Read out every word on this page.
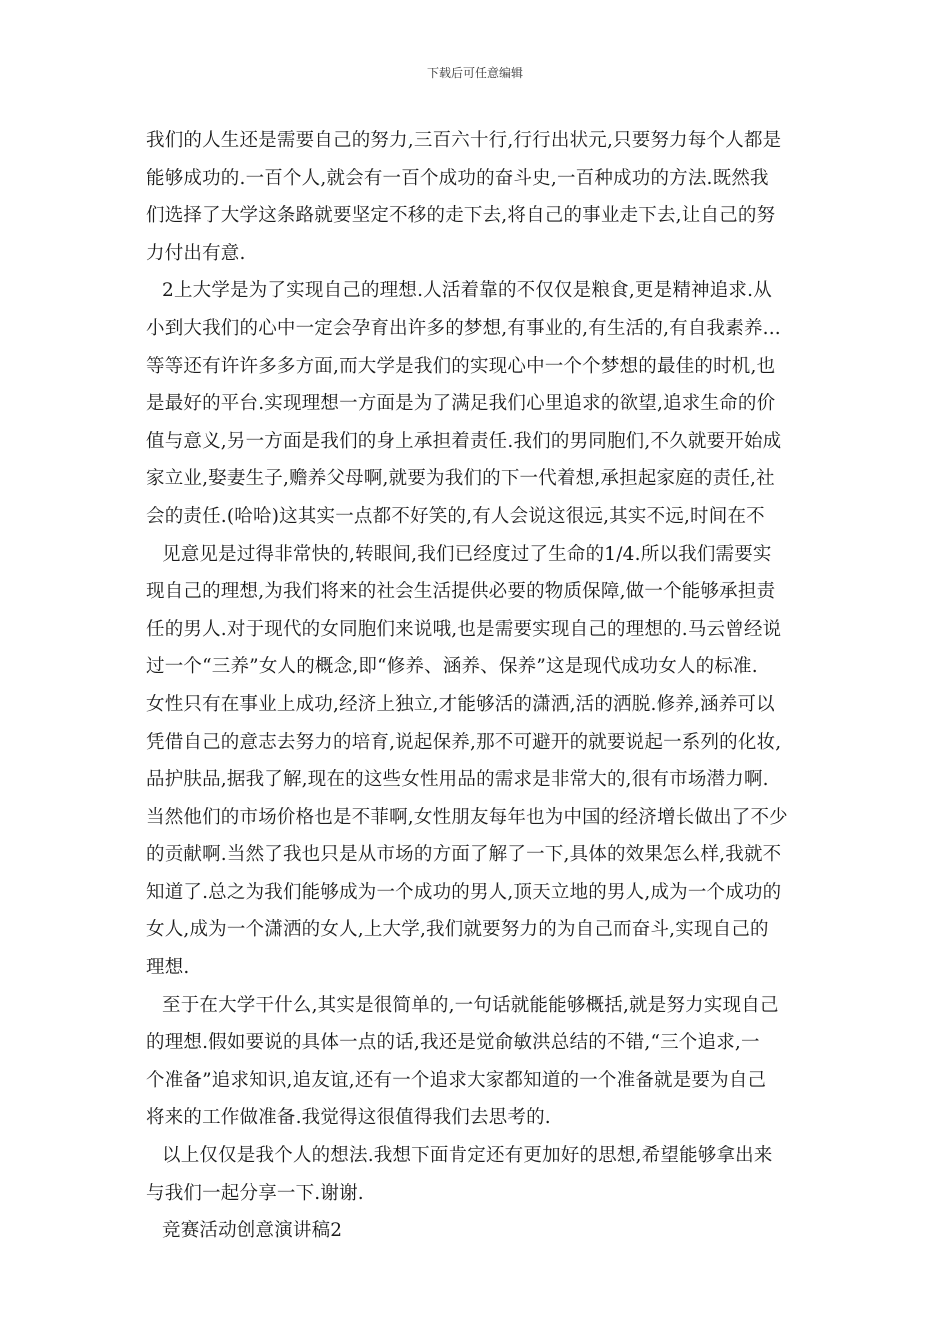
下载后可任意编辑
我们的人生还是需要自己的努力,三百六十行,行行出状元,只要努力每个人都是
能够成功的.一百个人,就会有一百个成功的奋斗史,一百种成功的方法.既然我
们选择了大学这条路就要坚定不移的走下去,将自己的事业走下去,让自己的努
力付出有意.
2上大学是为了实现自己的理想.人活着靠的不仅仅是粮食,更是精神追求.从
小到大我们的心中一定会孕育出许多的梦想,有事业的,有生活的,有自我素养...
等等还有许许多多方面,而大学是我们的实现心中一个个梦想的最佳的时机,也
是最好的平台.实现理想一方面是为了满足我们心里追求的欲望,追求生命的价
值与意义,另一方面是我们的身上承担着责任.我们的男同胞们,不久就要开始成
家立业,娶妻生子,赡养父母啊,就要为我们的下一代着想,承担起家庭的责任,社
会的责任.(哈哈)这其实一点都不好笑的,有人会说这很远,其实不远,时间在不
见意见是过得非常快的,转眼间,我们已经度过了生命的1/4.所以我们需要实
现自己的理想,为我们将来的社会生活提供必要的物质保障,做一个能够承担责
任的男人.对于现代的女同胞们来说哦,也是需要实现自己的理想的.马云曾经说
过一个“三养”女人的概念,即“修养、涵养、保养”这是现代成功女人的标准.
女性只有在事业上成功,经济上独立,才能够活的潇洒,活的洒脱.修养,涵养可以
凭借自己的意志去努力的培育,说起保养,那不可避开的就要说起一系列的化妆,
品护肤品,据我了解,现在的这些女性用品的需求是非常大的,很有市场潜力啊.
当然他们的市场价格也是不菲啊,女性朋友每年也为中国的经济增长做出了不少
的贡献啊.当然了我也只是从市场的方面了解了一下,具体的效果怎么样,我就不
知道了.总之为我们能够成为一个成功的男人,顶天立地的男人,成为一个成功的
女人,成为一个潇洒的女人,上大学,我们就要努力的为自己而奋斗,实现自己的
理想.
至于在大学干什么,其实是很简单的,一句话就能能够概括,就是努力实现自己
的理想.假如要说的具体一点的话,我还是觉俞敏洪总结的不错,“三个追求,一
个准备”追求知识,追友谊,还有一个追求大家都知道的一个准备就是要为自己
将来的工作做准备.我觉得这很值得我们去思考的.
以上仅仅是我个人的想法.我想下面肯定还有更加好的思想,希望能够拿出来
与我们一起分享一下.谢谢.
竞赛活动创意演讲稿2
